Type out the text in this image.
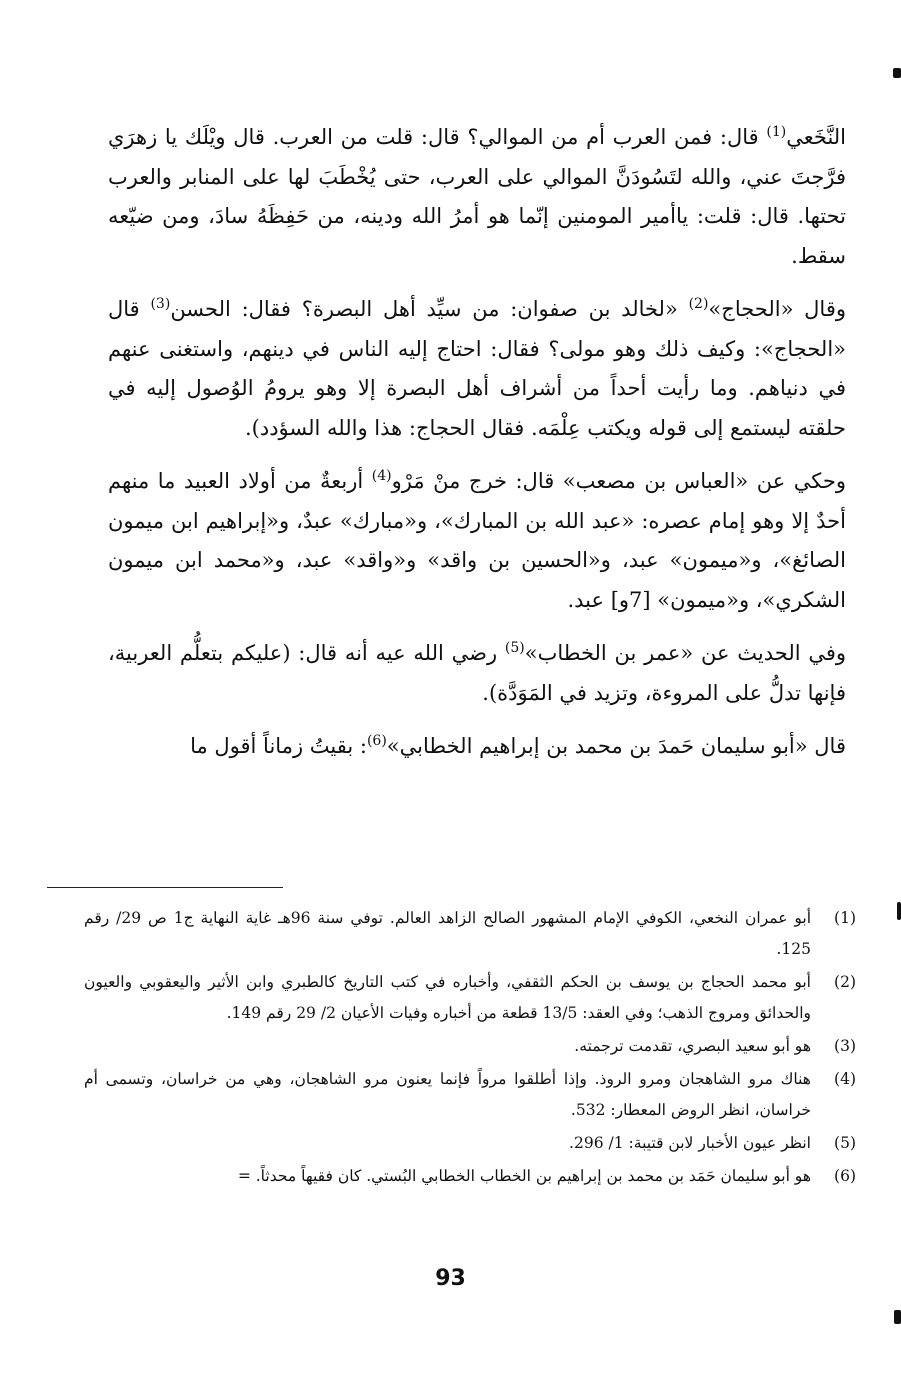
النَّخَعي$^{(1)}$ قال: فمن العرب أم من الموالي؟ قال: قلت من العرب. قال ويْلَك يا زهرَي فرَّجتَ عني، والله لتَسُودَنَّ الموالي على العرب، حتى يُخْطَبَ لها على المنابر والعرب تحتها. قال: قلت: ياأمير المومنين إنّما هو أمرُ الله ودينه، من حَفِظَهُ سادَ، ومن ضيّعه سقط.

وقال «الحجاج»$^{(2)}$ «لخالد بن صفوان: من سيِّد أهل البصرة؟ فقال: الحسن$^{(3)}$ قال «الحجاج»: وكيف ذلك وهو مولى؟ فقال: احتاج إليه الناس في دينهم، واستغنى عنهم في دنياهم. وما رأيت أحداً من أشراف أهل البصرة إلا وهو يرومُ الوُصول إليه في حلقته ليستمع إلى قوله ويكتب عِلْمَه. فقال الحجاج: هذا والله السؤدد).

وحكي عن «العباس بن مصعب» قال: خرج منْ مَرْو$^{(4)}$ أربعةٌ من أولاد العبيد ما منهم أحدٌ إلا وهو إمام عصره: «عبد الله بن المبارك»، و«مبارك» عبدٌ، و«إبراهيم ابن ميمون الصائغ»، و«ميمون» عبد، و«الحسين بن واقد» و«واقد» عبد، و«محمد ابن ميمون الشكري»، و«ميمون» [7و] عبد.

وفي الحديث عن «عمر بن الخطاب»$^{(5)}$ رضي الله عيه أنه قال: (عليكم بتعلُّم العربية، فإنها تدلُّ على المروءة، وتزيد في المَوَدَّة).

قال «أبو سليمان حَمدَ بن محمد بن إبراهيم الخطابي»$^{(6)}$: بقيتُ زماناً أقول ما

(1)
أبو عمران النخعي، الكوفي الإمام المشهور الصالح الزاهد العالم. توفي سنة 96هـ غاية النهاية ج1 ص 29/ رقم 125.
(2)
أبو محمد الحجاج بن يوسف بن الحكم الثقفي، وأخباره في كتب التاريخ كالطبري وابن الأثير واليعقوبي والعيون والحدائق ومروج الذهب؛ وفي العقد: 13/5 قطعة من أخباره وفيات الأعيان 2/ 29 رقم 149.
(3)
هو أبو سعيد البصري، تقدمت ترجمته.
(4)
هناك مرو الشاهجان ومرو الروذ. وإذا أطلقوا مرواً فإنما يعنون مرو الشاهجان، وهي من خراسان، وتسمى أم خراسان، انظر الروض المعطار: 532.
(5)
انظر عيون الأخبار لابن قتيبة: 1/ 296.
(6)
هو أبو سليمان حَمَد بن محمد بن إبراهيم بن الخطاب الخطابي البُستي. كان فقيهاً محدثاً. =
93
